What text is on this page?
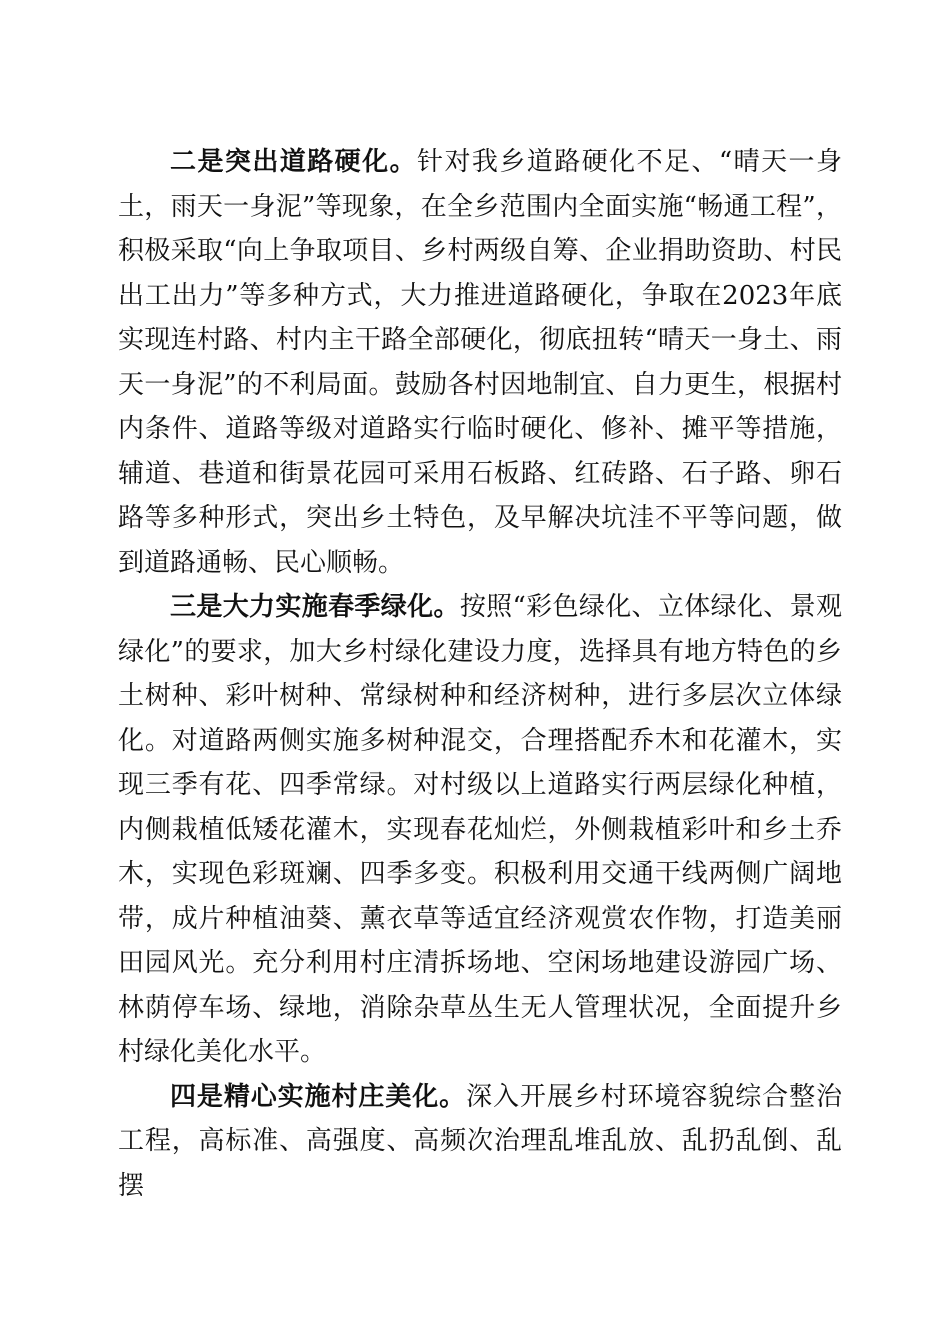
二是突出道路硬化。针对我乡道路硬化不足、“晴天一身土，雨天一身泥”等现象，在全乡范围内全面实施“畅通工程”，积极采取“向上争取项目、乡村两级自筹、企业捐助资助、村民出工出力”等多种方式，大力推进道路硬化，争取在2023年底实现连村路、村内主干路全部硬化，彻底扭转“晴天一身土、雨天一身泥”的不利局面。鼓励各村因地制宜、自力更生，根据村内条件、道路等级对道路实行临时硬化、修补、摊平等措施，辅道、巷道和街景花园可采用石板路、红砖路、石子路、卵石路等多种形式，突出乡土特色，及早解决坑洼不平等问题，做到道路通畅、民心顺畅。

三是大力实施春季绿化。按照“彩色绿化、立体绿化、景观绿化”的要求，加大乡村绿化建设力度，选择具有地方特色的乡土树种、彩叶树种、常绿树种和经济树种，进行多层次立体绿化。对道路两侧实施多树种混交，合理搭配乔木和花灌木，实现三季有花、四季常绿。对村级以上道路实行两层绿化种植，内侧栽植低矮花灌木，实现春花灿烂，外侧栽植彩叶和乡土乔木，实现色彩斑斓、四季多变。积极利用交通干线两侧广阔地带，成片种植油葵、薰衣草等适宜经济观赏农作物，打造美丽田园风光。充分利用村庄清拆场地、空闲场地建设游园广场、林荫停车场、绿地，消除杂草丛生无人管理状况，全面提升乡村绿化美化水平。

四是精心实施村庄美化。深入开展乡村环境容貌综合整治工程，高标准、高强度、高频次治理乱堆乱放、乱扔乱倒、乱摆
